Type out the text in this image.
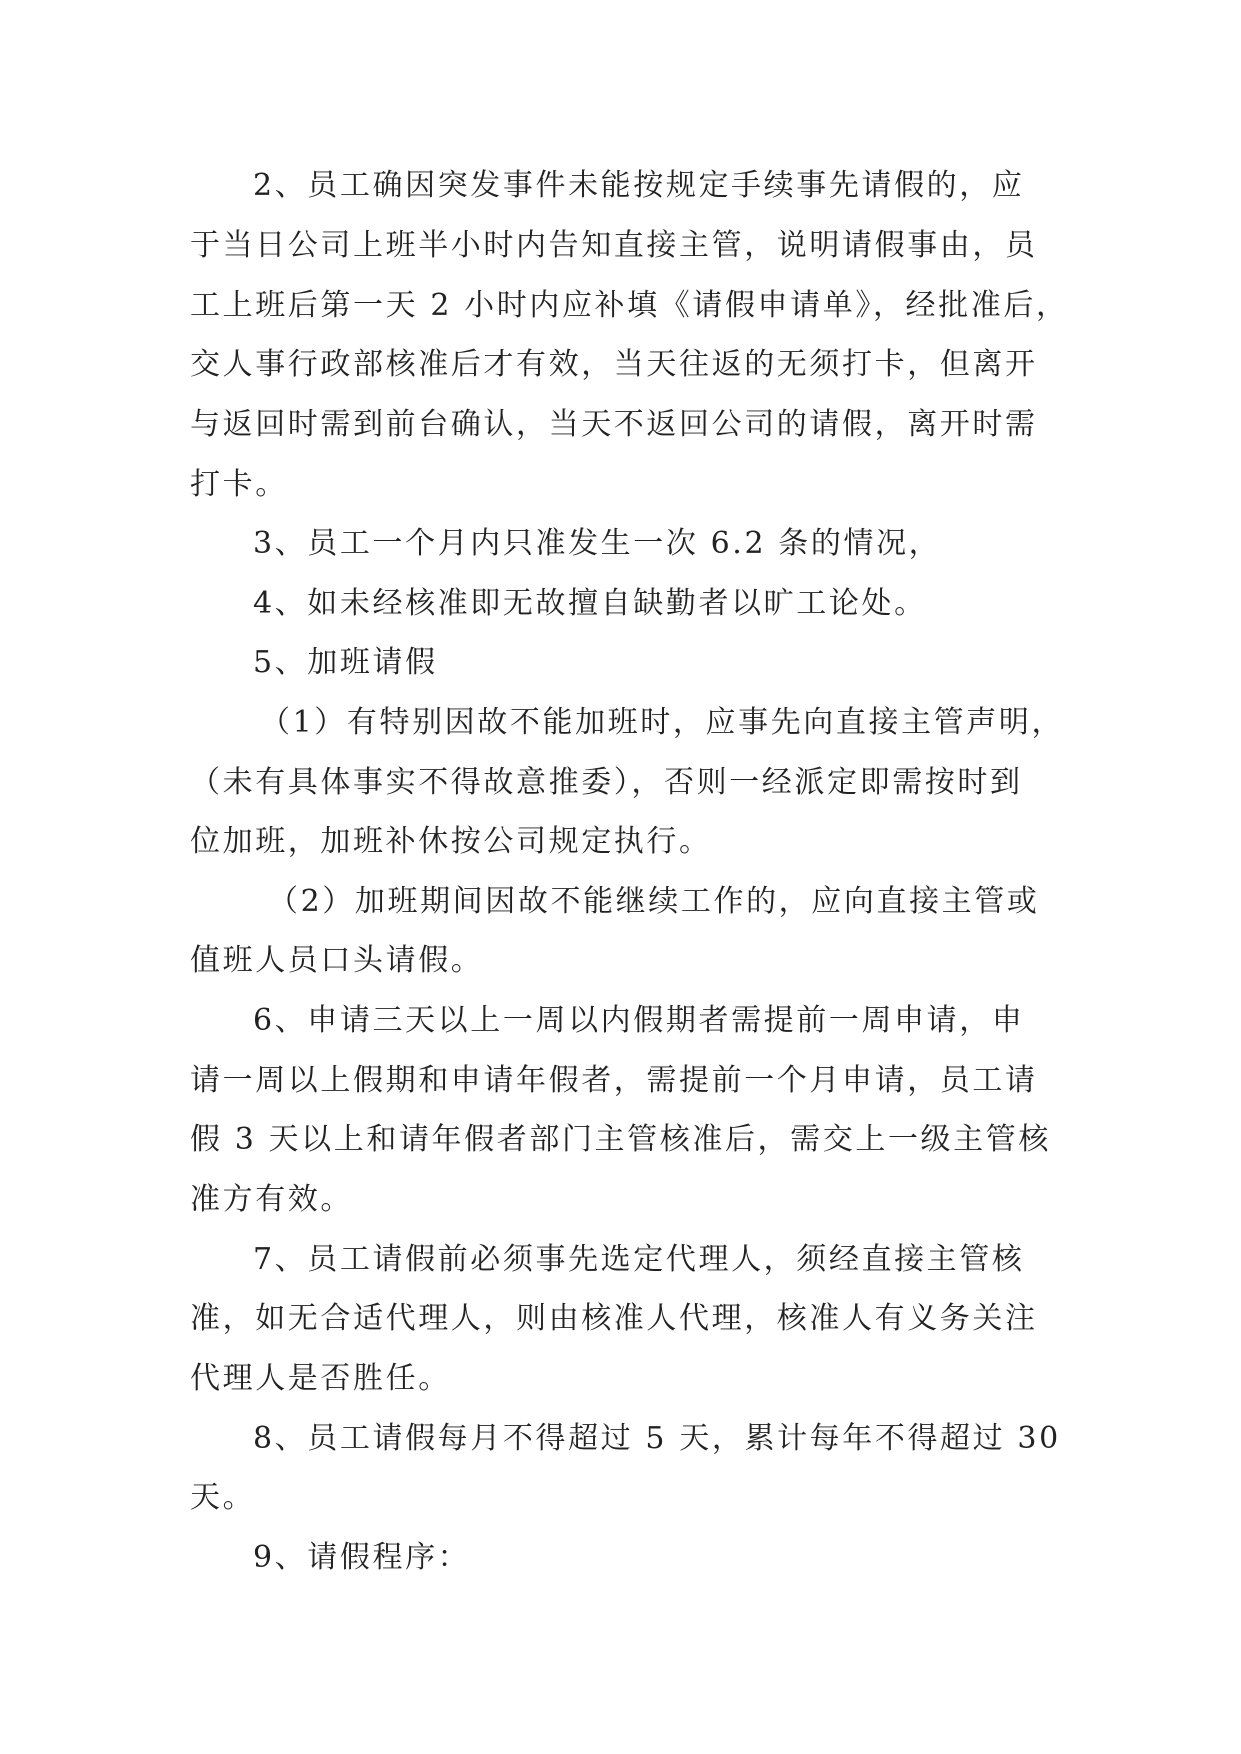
2、员工确因突发事件未能按规定手续事先请假的，应
于当日公司上班半小时内告知直接主管，说明请假事由，员
工上班后第一天 2 小时内应补填《请假申请单》，经批准后，
交人事行政部核准后才有效，当天往返的无须打卡，但离开
与返回时需到前台确认，当天不返回公司的请假，离开时需
打卡。
3、员工一个月内只准发生一次 6.2 条的情况，
4、如未经核准即无故擅自缺勤者以旷工论处。
5、加班请假
（1）有特别因故不能加班时，应事先向直接主管声明，
（未有具体事实不得故意推委），否则一经派定即需按时到
位加班，加班补休按公司规定执行。
（2）加班期间因故不能继续工作的，应向直接主管或
值班人员口头请假。
6、申请三天以上一周以内假期者需提前一周申请，申
请一周以上假期和申请年假者，需提前一个月申请，员工请
假 3 天以上和请年假者部门主管核准后，需交上一级主管核
准方有效。
7、员工请假前必须事先选定代理人，须经直接主管核
准，如无合适代理人，则由核准人代理，核准人有义务关注
代理人是否胜任。
8、员工请假每月不得超过 5 天，累计每年不得超过 30
天。
9、请假程序：
